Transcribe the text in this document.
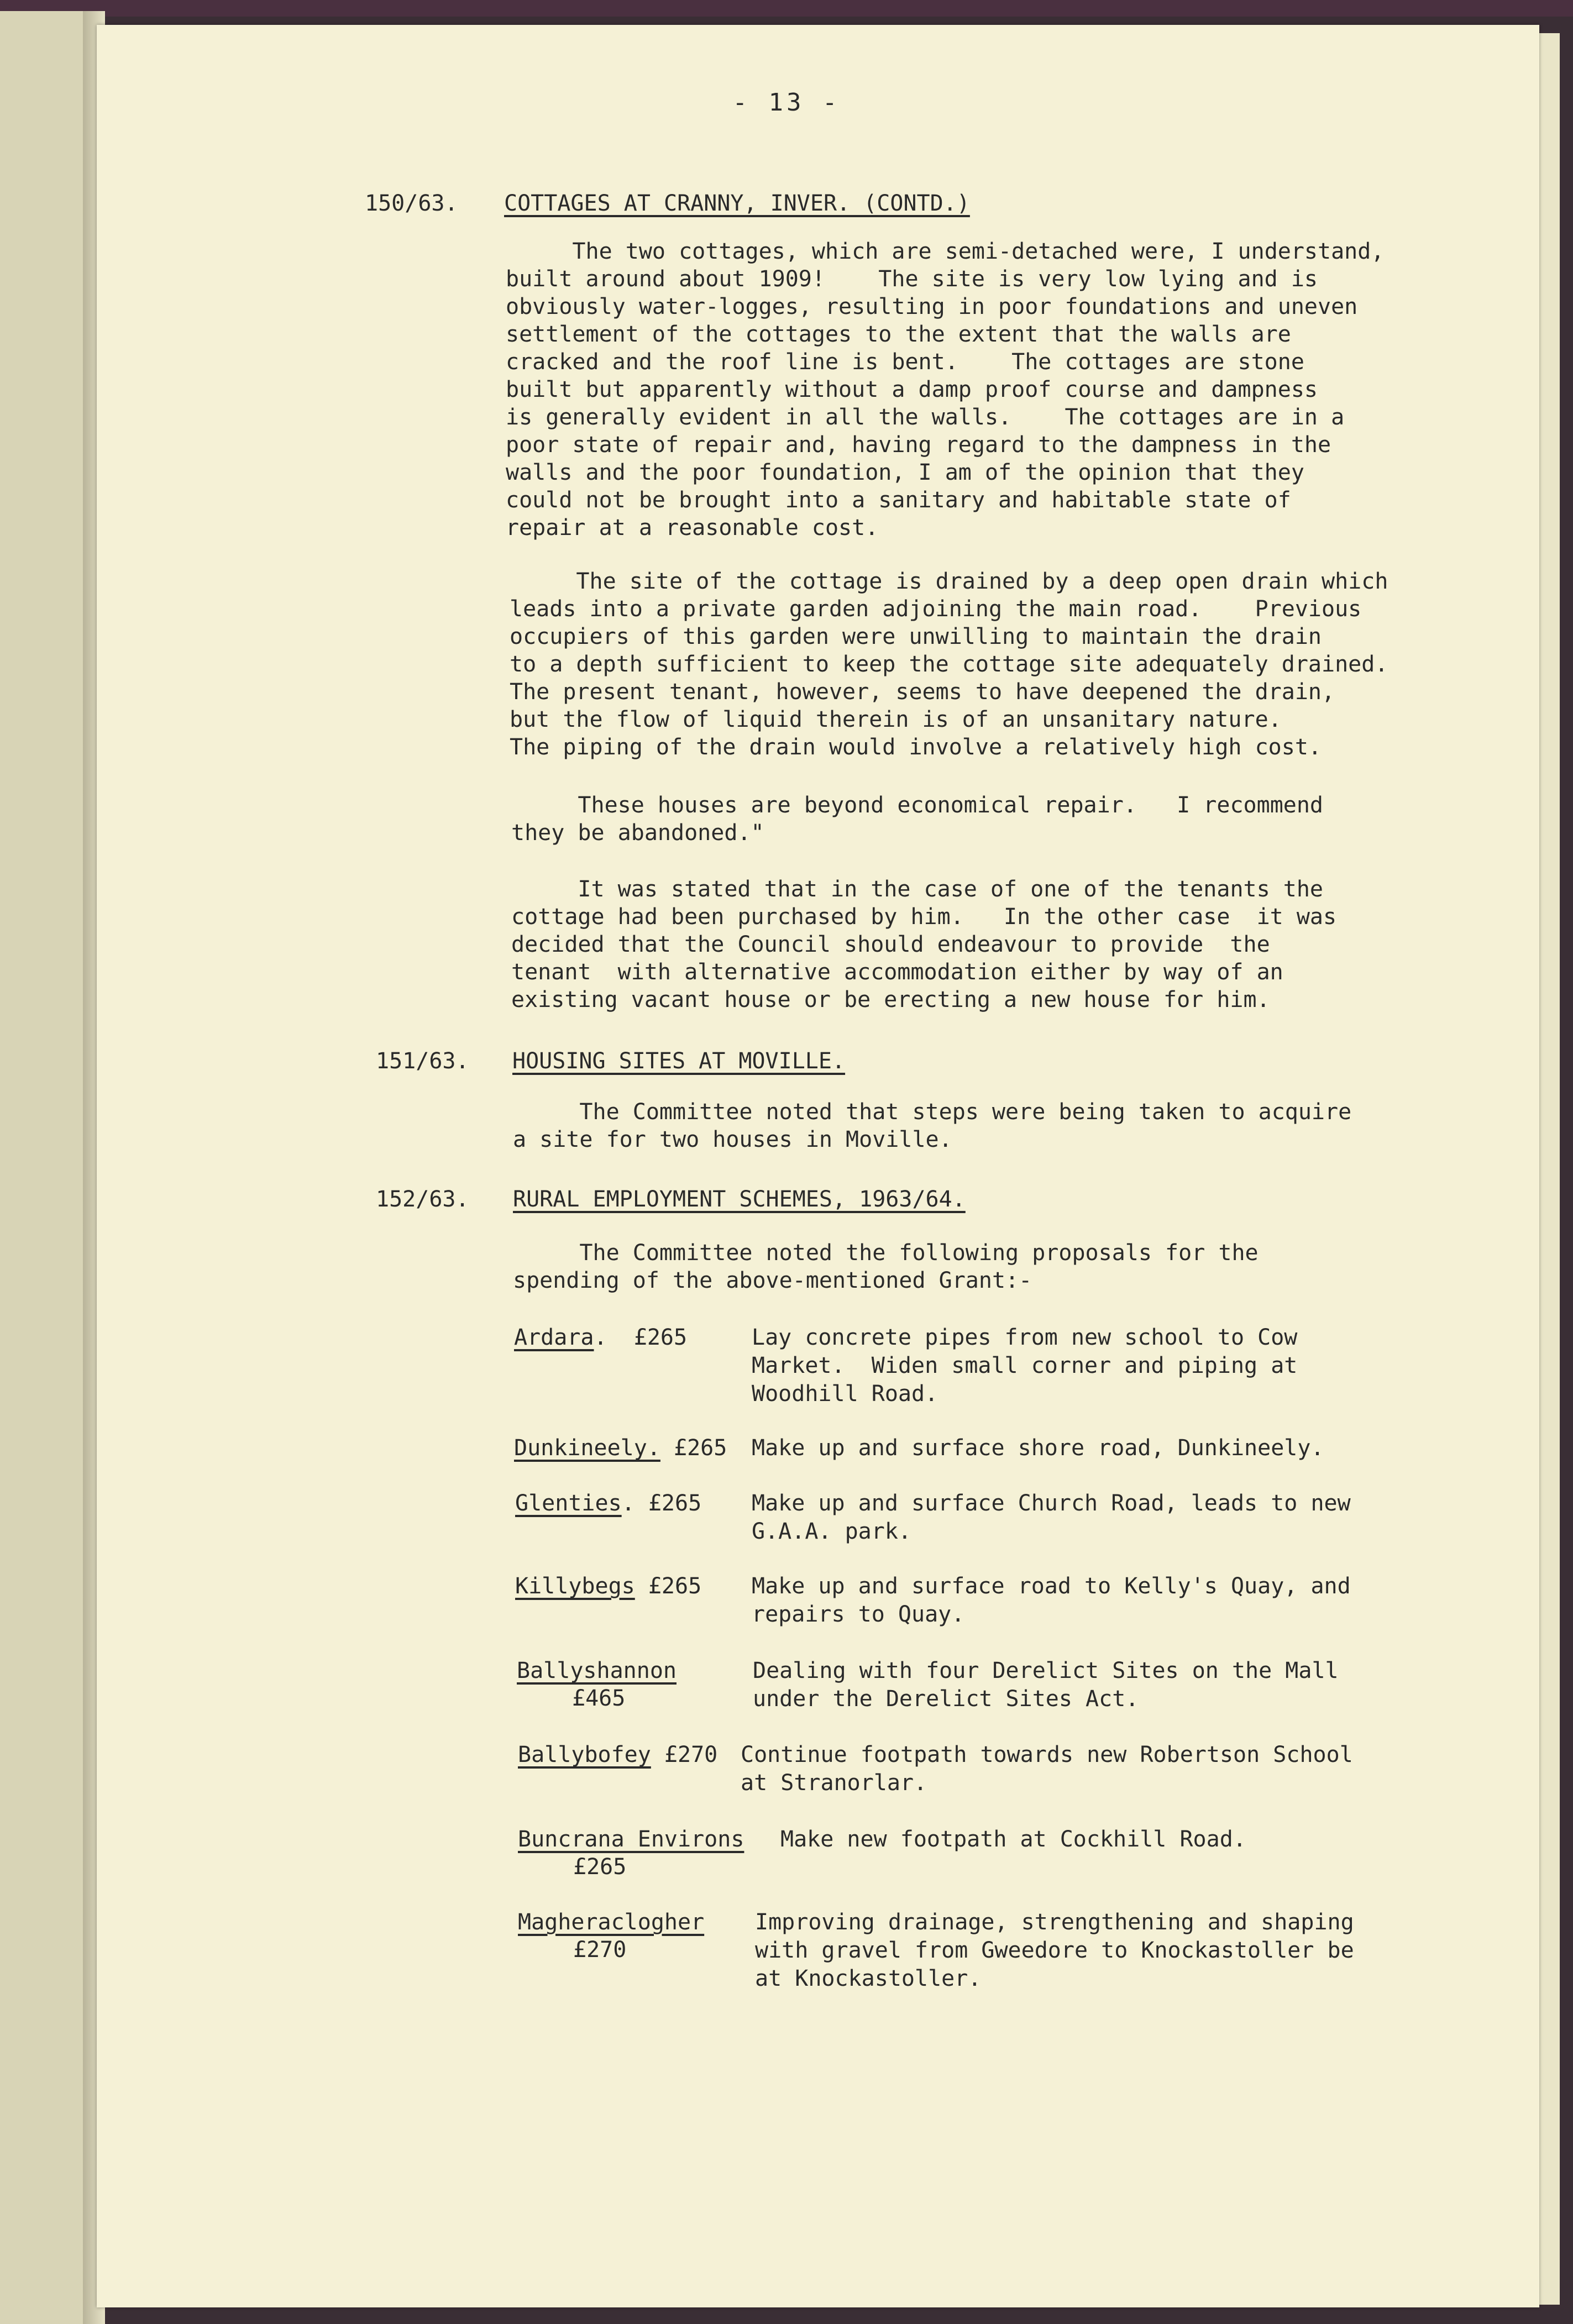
- 13 -
150/63. COTTAGES AT CRANNY, INVER. (CONTD.)
The two cottages, which are semi-detached were, I understand,
built around about 1909!    The site is very low lying and is
obviously water-logges, resulting in poor foundations and uneven
settlement of the cottages to the extent that the walls are
cracked and the roof line is bent.    The cottages are stone
built but apparently without a damp proof course and dampness
is generally evident in all the walls.    The cottages are in a
poor state of repair and, having regard to the dampness in the
walls and the poor foundation, I am of the opinion that they
could not be brought into a sanitary and habitable state of
repair at a reasonable cost.
The site of the cottage is drained by a deep open drain which
leads into a private garden adjoining the main road.    Previous
occupiers of this garden were unwilling to maintain the drain
to a depth sufficient to keep the cottage site adequately drained.
The present tenant, however, seems to have deepened the drain,
but the flow of liquid therein is of an unsanitary nature.
The piping of the drain would involve a relatively high cost.
These houses are beyond economical repair.   I recommend
they be abandoned."
It was stated that in the case of one of the tenants the
cottage had been purchased by him.   In the other case  it was
decided that the Council should endeavour to provide  the
tenant  with alternative accommodation either by way of an
existing vacant house or be erecting a new house for him.
151/63. HOUSING SITES AT MOVILLE.
The Committee noted that steps were being taken to acquire
a site for two houses in Moville.
152/63. RURAL EMPLOYMENT SCHEMES, 1963/64.
The Committee noted the following proposals for the
spending of the above-mentioned Grant:-
Ardara. £265	Lay concrete pipes from new school to Cow
Market.  Widen small corner and piping at
Woodhill Road.
Dunkineely. £265 Make up and surface shore road, Dunkineely.
Glenties. £265 Make up and surface Church Road, leads to new
G.A.A. park.
Killybegs £265 Make up and surface road to Kelly's Quay, and
repairs to Quay.
Ballyshannon
£465
Dealing with four Derelict Sites on the Mall
under the Derelict Sites Act.
Ballybofey £270 Continue footpath towards new Robertson School
at Stranorlar.
Buncrana Environs
£265
Make new footpath at Cockhill Road.
Magheraclogher
£270
Improving drainage, strengthening and shaping
with gravel from Gweedore to Knockastoller be
at Knockastoller.
